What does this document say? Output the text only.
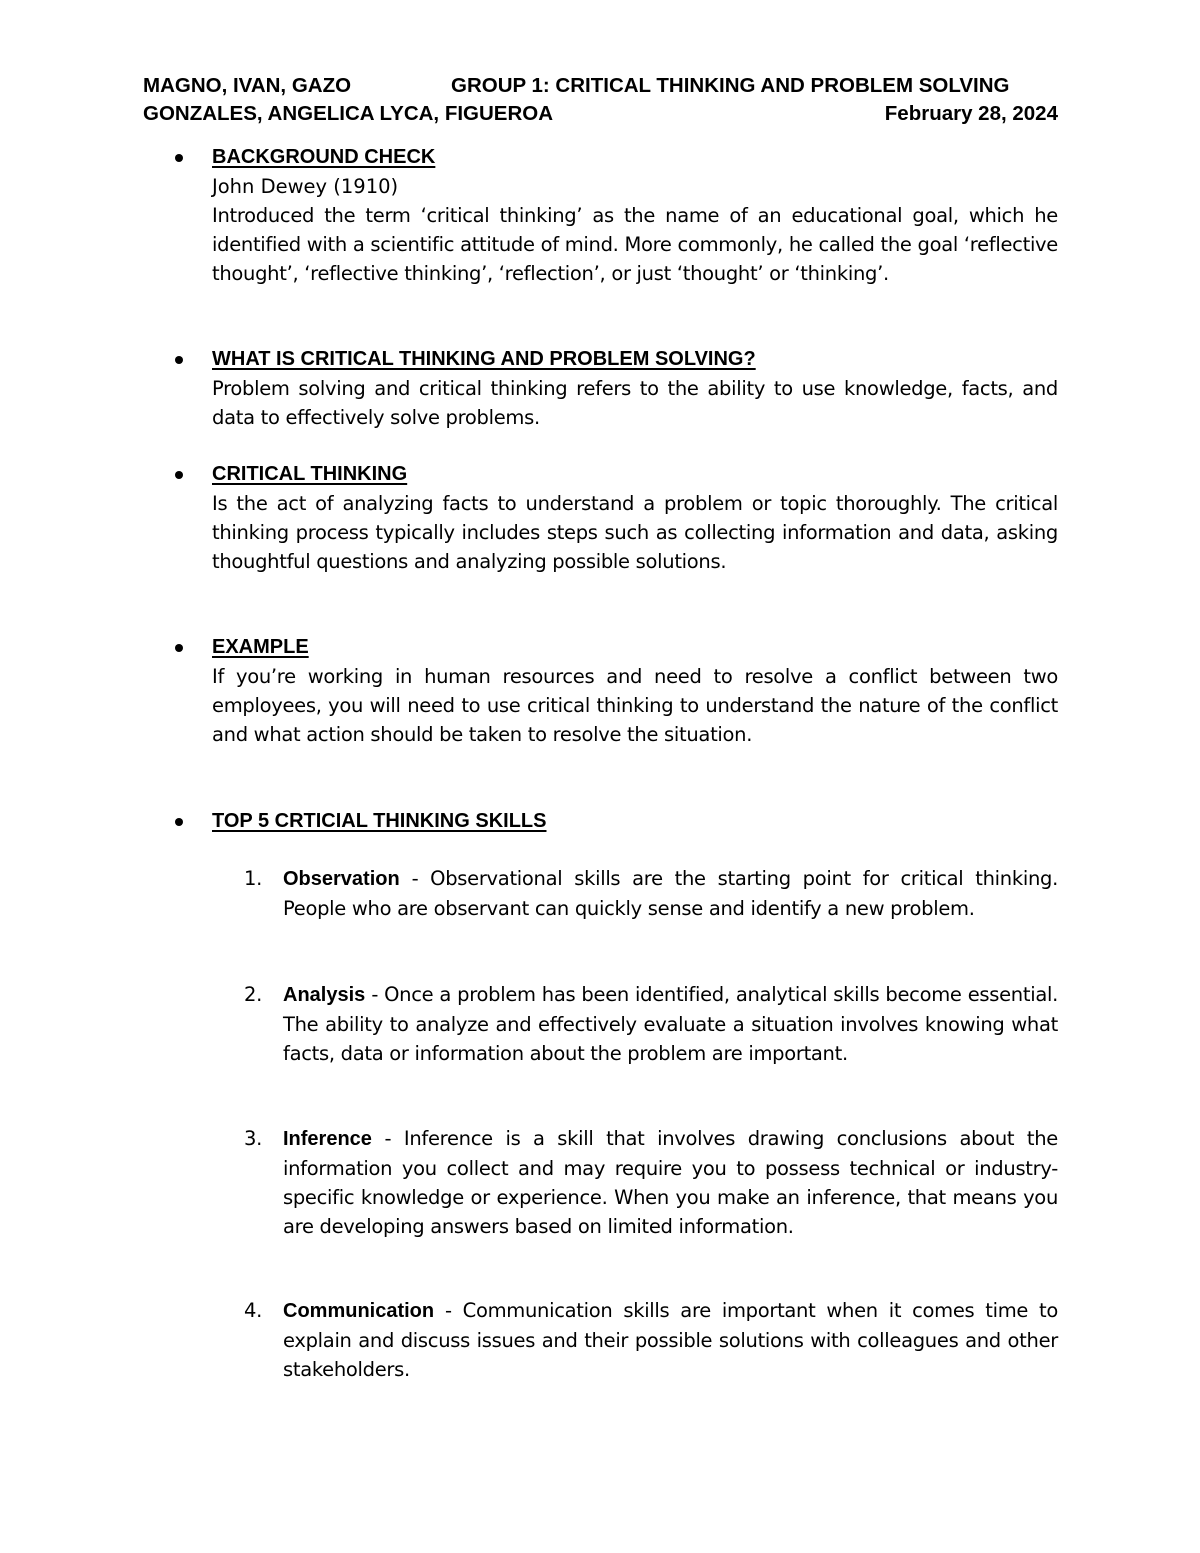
MAGNO, IVAN, GAZO	GROUP 1: CRITICAL THINKING AND PROBLEM SOLVING
GONZALES, ANGELICA LYCA, FIGUEROA	February 28, 2024
BACKGROUND CHECK
John Dewey (1910)
Introduced the term ‘critical thinking’ as the name of an educational goal, which he identified with a scientific attitude of mind. More commonly, he called the goal ‘reflective thought’, ‘reflective thinking’, ‘reflection’, or just ‘thought’ or ‘thinking’.
WHAT IS CRITICAL THINKING AND PROBLEM SOLVING?
Problem solving and critical thinking refers to the ability to use knowledge, facts, and data to effectively solve problems.
CRITICAL THINKING
Is the act of analyzing facts to understand a problem or topic thoroughly. The critical thinking process typically includes steps such as collecting information and data, asking thoughtful questions and analyzing possible solutions.
EXAMPLE
If you’re working in human resources and need to resolve a conflict between two employees, you will need to use critical thinking to understand the nature of the conflict and what action should be taken to resolve the situation.
TOP 5 CRTICIAL THINKING SKILLS
1. Observation - Observational skills are the starting point for critical thinking. People who are observant can quickly sense and identify a new problem.
2. Analysis - Once a problem has been identified, analytical skills become essential. The ability to analyze and effectively evaluate a situation involves knowing what facts, data or information about the problem are important.
3. Inference - Inference is a skill that involves drawing conclusions about the information you collect and may require you to possess technical or industry-specific knowledge or experience. When you make an inference, that means you are developing answers based on limited information.
4. Communication - Communication skills are important when it comes time to explain and discuss issues and their possible solutions with colleagues and other stakeholders.
